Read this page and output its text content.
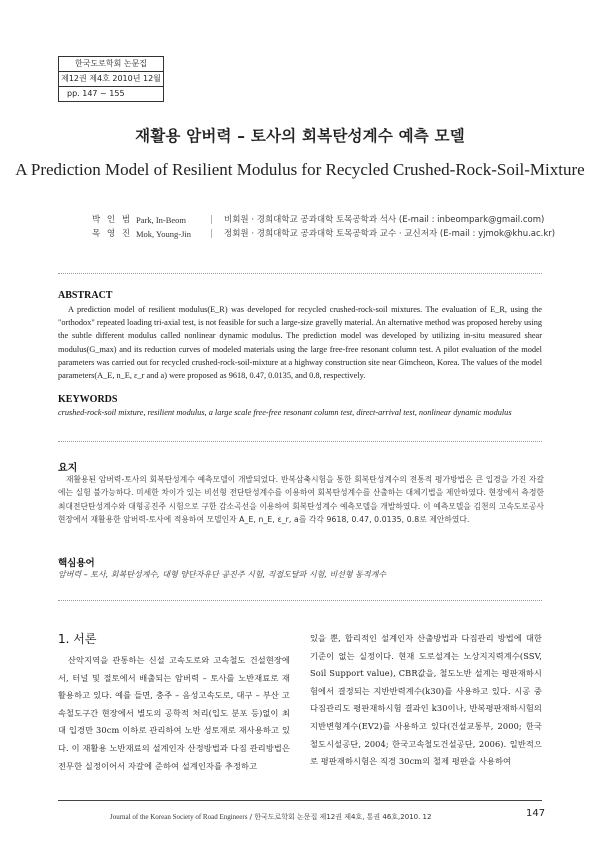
한국도로학회 논문집
제12권 제4호 2010년 12월
pp. 147 ~ 155
재활용 암버력 – 토사의 회복탄성계수 예측 모델
A Prediction Model of Resilient Modulus for Recycled Crushed-Rock-Soil-Mixture
박 인 범 Park, In-Beom	|	비회원 · 경희대학교 공과대학 토목공학과 석사 (E-mail : inbeompark@gmail.com)
목 영 진 Mok, Young-Jin	|	정회원 · 경희대학교 공과대학 토목공학과 교수 · 교신저자 (E-mail : yjmok@khu.ac.kr)
ABSTRACT
A prediction model of resilient modulus(E_R) was developed for recycled crushed-rock-soil mixtures. The evaluation of E_R, using the "orthodox" repeated loading tri-axial test, is not feasible for such a large-size gravelly material. An alternative method was proposed hereby using the subtle different modulus called nonlinear dynamic modulus. The prediction model was developed by utilizing in-situ measured shear modulus(G_max) and its reduction curves of modeled materials using the large free-free resonant column test. A pilot evaluation of the model parameters was carried out for recycled crushed-rock-soil-mixture at a highway construction site near Gimcheon, Korea. The values of the model parameters(A_E, n_E, ε_r and a) were proposed as 9618, 0.47, 0.0135, and 0.8, respectively.
KEYWORDS
crushed-rock-soil mixture, resilient modulus, a large scale free-free resonant column test, direct-arrival test, nonlinear dynamic modulus
요지
재활용된 암버력-토사의 회복탄성계수 예측모델이 개발되었다. 반복삼축시험을 통한 회복탄성계수의 전통적 평가방법은 큰 입경을 가진 자갈에는 실험 불가능하다. 미세한 차이가 있는 비선형 전단탄성계수를 이용하여 회복탄성계수를 산출하는 대체기법을 제안하였다. 현장에서 측정한 최대전단탄성계수와 대형공진주 시험으로 구한 감소곡선을 이용하여 회복탄성계수 예측모델을 개발하였다. 이 예측모델을 김천의 고속도로공사현장에서 재활용한 암버력-토사에 적용하여 모델인자 A_E, n_E, ε_r, a를 각각 9618, 0.47, 0.0135, 0.8로 제안하였다.
핵심용어
암버력 – 토사, 회복탄성계수, 대형 양단자유단 공진주 시험, 직접도달파 시험, 비선형 동적계수
1. 서론
산악지역을 관통하는 신설 고속도로와 고속철도 건설현장에서, 터널 및 절토에서 배출되는 암버력 – 토사를 노반재료로 재활용하고 있다. 예를 들면, 충주 – 음성고속도로, 대구 – 부산 고속철도구간 현장에서 별도의 공학적 처리(입도 분포 등)없이 최대 입경만 30cm 이하로 관리하여 노반 성토재로 재사용하고 있다. 이 재활용 노반재료의 설계인자 산정방법과 다짐 관리방법은 전무한 실정이어서 자갈에 준하여 설계인자를 추정하고
있을 뿐, 합리적인 설계인자 산출방법과 다짐관리 방법에 대한 기준이 없는 실정이다. 현재 도로설계는 노상지지력계수(SSV, Soil Support value), CBR값을, 철도노반 설계는 평판재하시험에서 결정되는 지반반력계수(k30)를 사용하고 있다. 시공 중 다짐관리도 평판재하시험 결과인 k30이나, 반복평판재하시험의 지반변형계수(EV2)를 사용하고 있다(건설교통부, 2000; 한국철도시설공단, 2004; 한국고속철도건설공단, 2006). 일반적으로 평판재하시험은 직경 30cm의 철제 평판을 사용하여
Journal of the Korean Society of Road Engineers / 한국도로학회 논문집 제12권 제4호, 통권 46호,2010. 12	147
